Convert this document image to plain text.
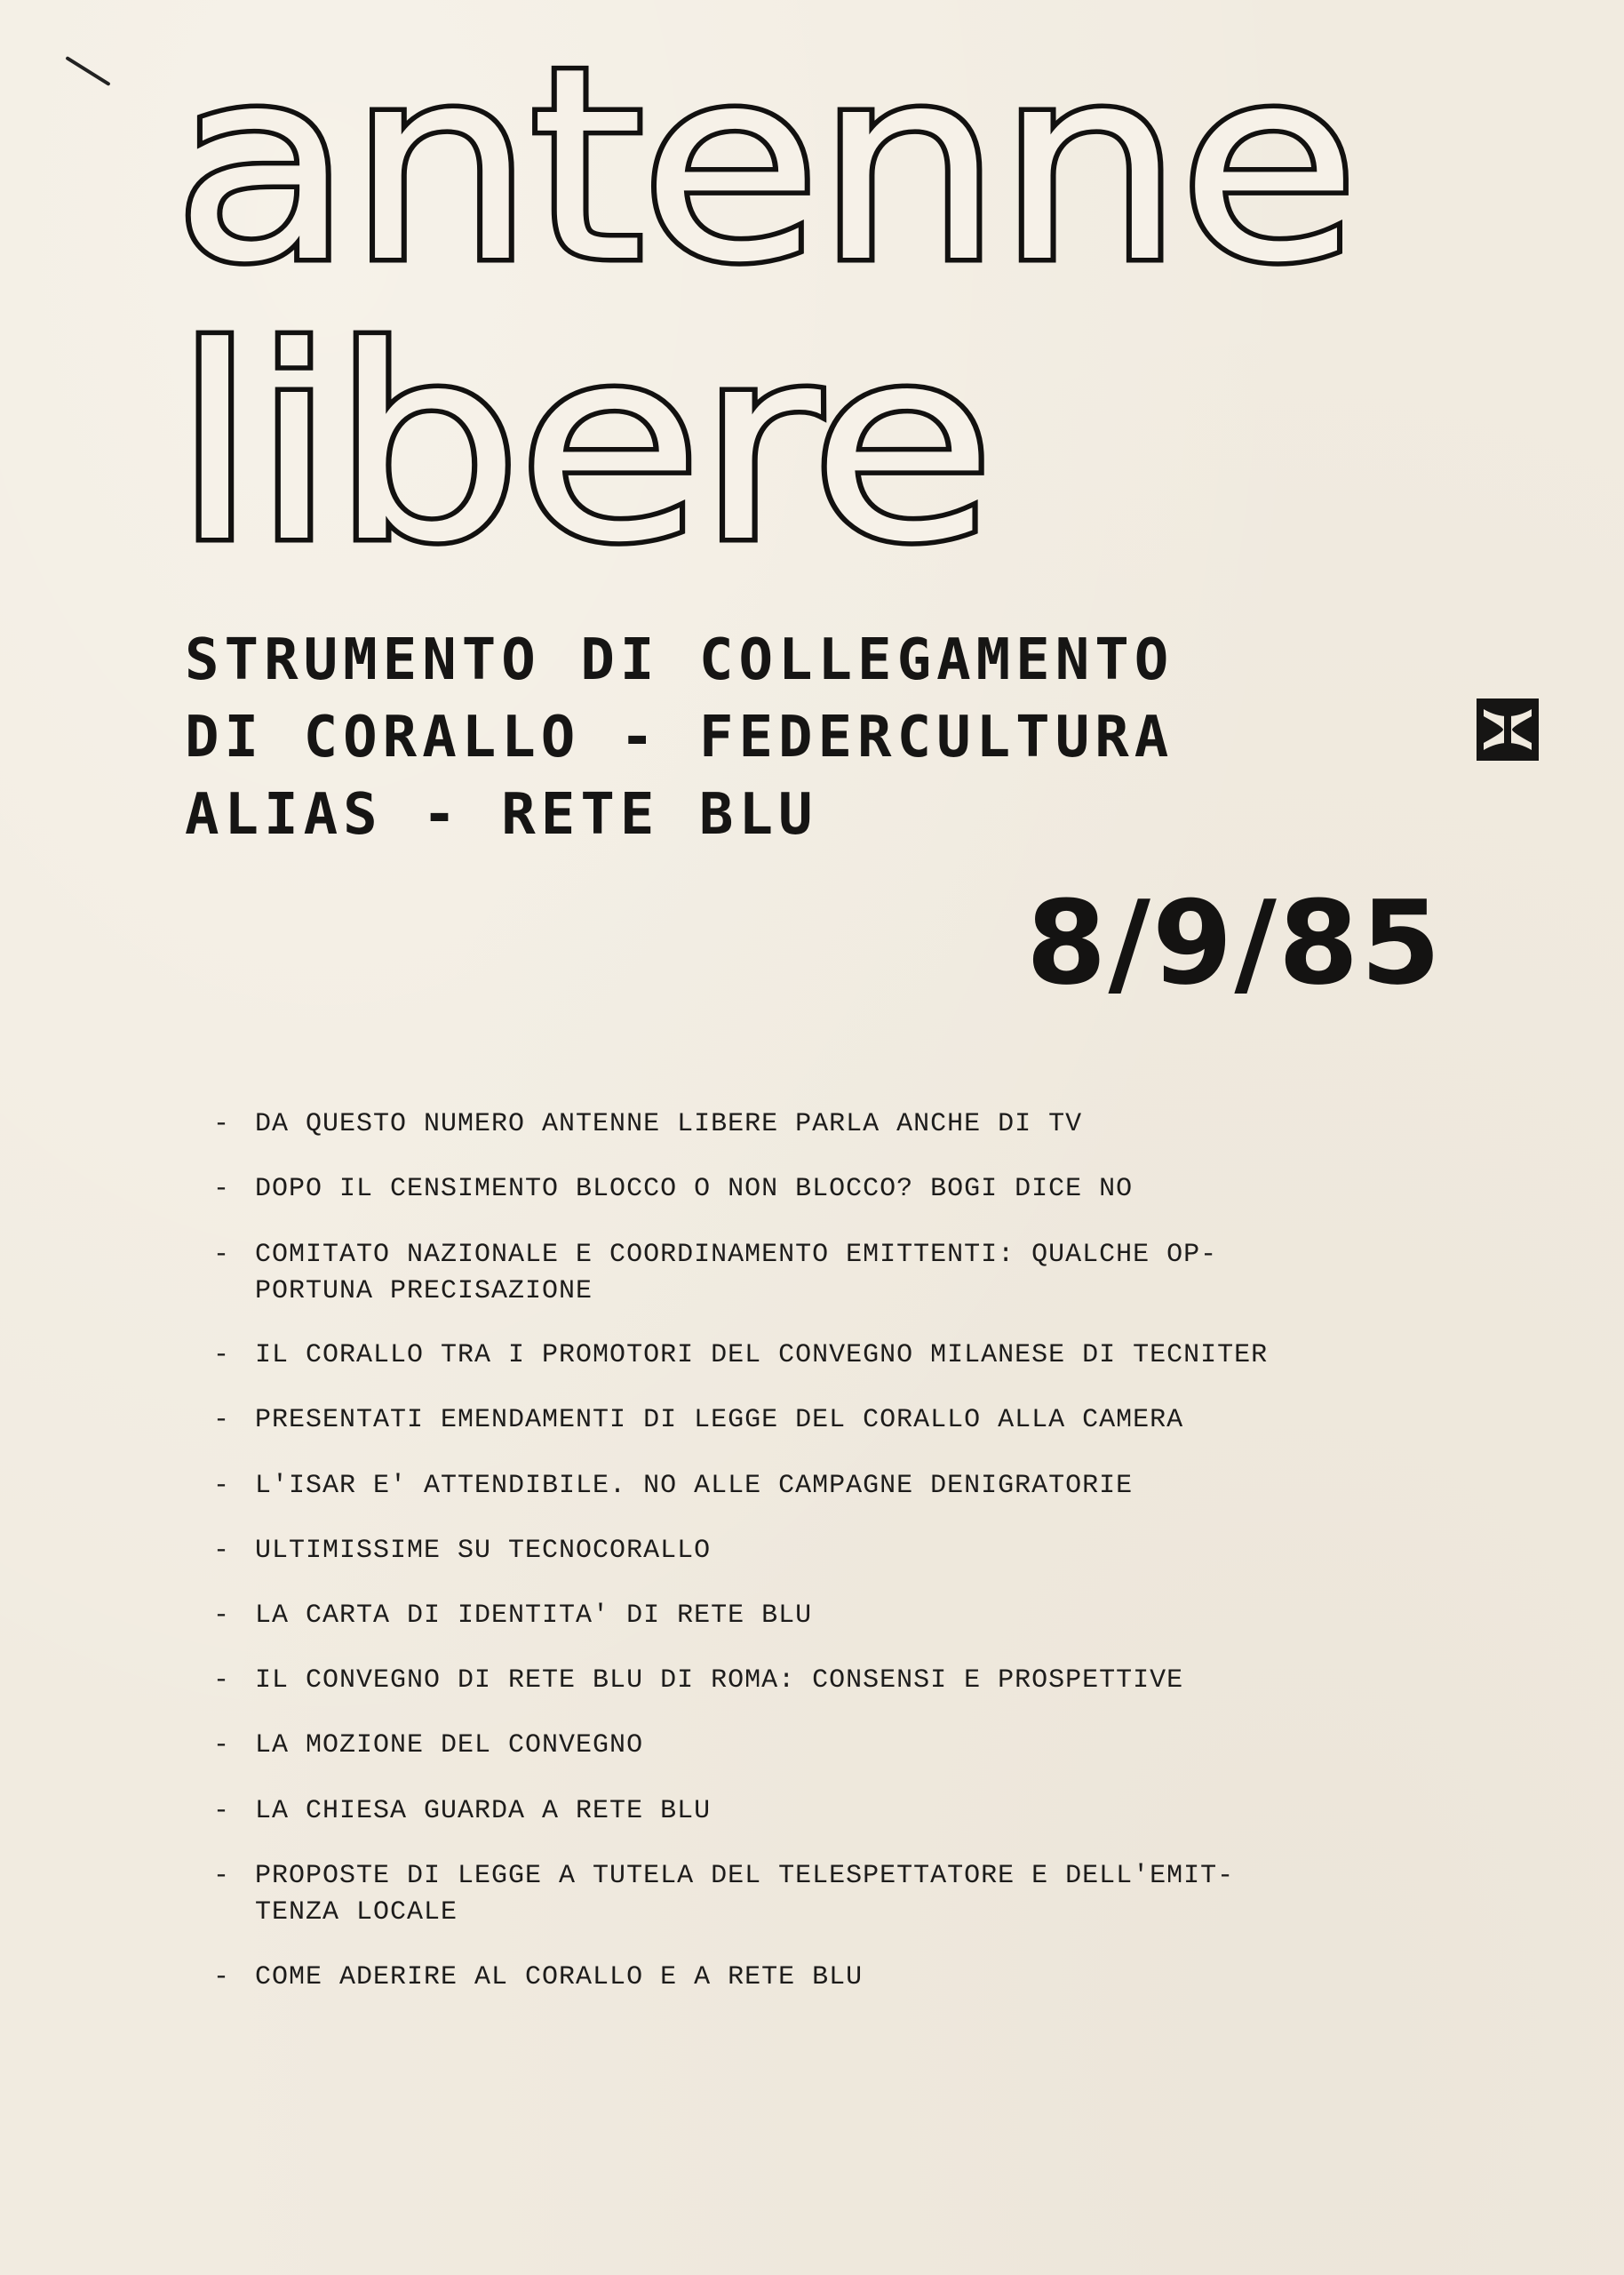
antenne
libere
STRUMENTO DI COLLEGAMENTO
DI CORALLO - FEDERCULTURA
ALIAS - RETE BLU
8/9/85
- DA QUESTO NUMERO ANTENNE LIBERE PARLA ANCHE DI TV
- DOPO IL CENSIMENTO BLOCCO O NON BLOCCO? BOGI DICE NO
- COMITATO NAZIONALE E COORDINAMENTO EMITTENTI: QUALCHE OP-
PORTUNA PRECISAZIONE
- IL CORALLO TRA I PROMOTORI DEL CONVEGNO MILANESE DI TECNITER
- PRESENTATI EMENDAMENTI DI LEGGE DEL CORALLO ALLA CAMERA
- L'ISAR E' ATTENDIBILE. NO ALLE CAMPAGNE DENIGRATORIE
- ULTIMISSIME SU TECNOCORALLO
- LA CARTA DI IDENTITA' DI RETE BLU
- IL CONVEGNO DI RETE BLU DI ROMA: CONSENSI E PROSPETTIVE
- LA MOZIONE DEL CONVEGNO
- LA CHIESA GUARDA A RETE BLU
- PROPOSTE DI LEGGE A TUTELA DEL TELESPETTATORE E DELL'EMIT-
TENZA LOCALE
- COME ADERIRE AL CORALLO E A RETE BLU
